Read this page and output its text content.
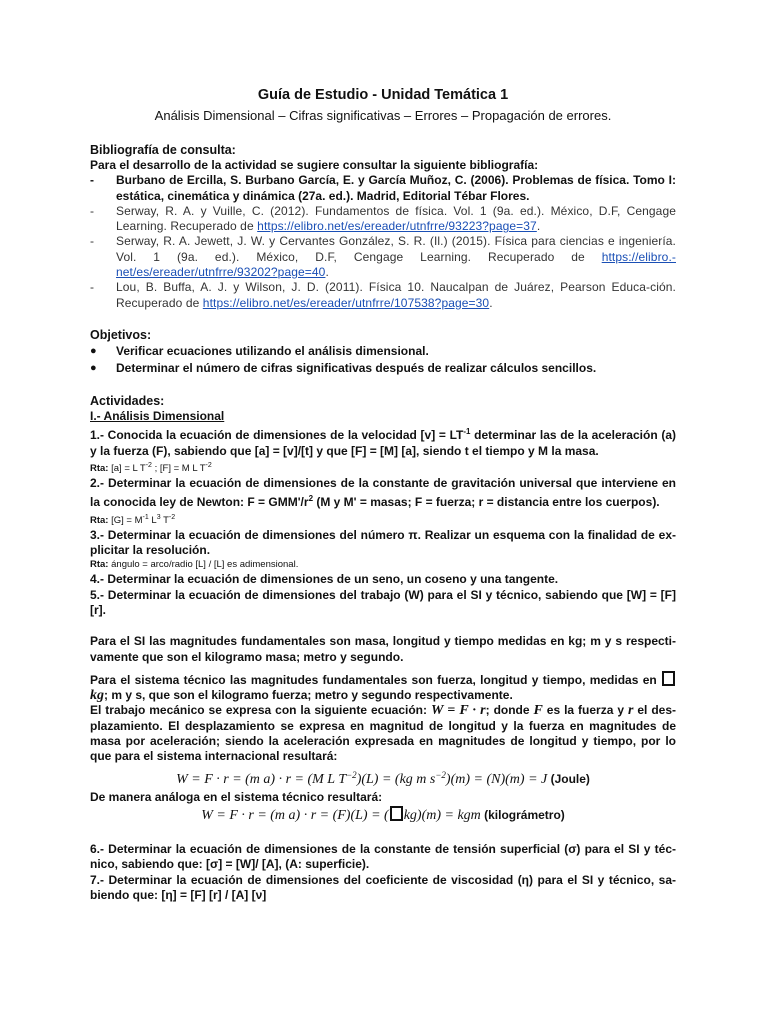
Guía de Estudio - Unidad Temática 1

Análisis Dimensional – Cifras significativas – Errores – Propagación de errores.

Bibliografía de consulta:

Para el desarrollo de la actividad se sugiere consultar la siguiente bibliografía:

- Burbano de Ercilla, S. Burbano García, E. y García Muñoz, C. (2006). Problemas de física. Tomo I: estática, cinemática y dinámica (27a. ed.). Madrid, Editorial Tébar Flores.
- Serway, R. A. y Vuille, C. (2012). Fundamentos de física. Vol. 1 (9a. ed.). México, D.F, Cengage Learning. Recuperado de https://elibro.net/es/ereader/utnfrre/93223?page=37.
- Serway, R. A. Jewett, J. W. y Cervantes González, S. R. (Il.) (2015). Física para ciencias e ingeniería. Vol. 1 (9a. ed.). México, D.F, Cengage Learning. Recuperado de https://elibro.-net/es/ereader/utnfrre/93202?page=40.
- Lou, B. Buffa, A. J. y Wilson, J. D. (2011). Física 10. Naucalpan de Juárez, Pearson Educa-ción. Recuperado de https://elibro.net/es/ereader/utnfrre/107538?page=30.

Objetivos:

● Verificar ecuaciones utilizando el análisis dimensional.
● Determinar el número de cifras significativas después de realizar cálculos sencillos.

Actividades:

I.- Análisis Dimensional

1.- Conocida la ecuación de dimensiones de la velocidad $[v] = LT^{-1}$ determinar las de la aceleración (a) y la fuerza (F), sabiendo que [a] = [v]/[t] y que [F] = [M] [a], siendo t el tiempo y M la masa.

Rta: [a] = L $T^{-2}$ ; [F] = M L $T^{-2}$

2.- Determinar la ecuación de dimensiones de la constante de gravitación universal que interviene en la conocida ley de Newton: $F = GMM'/r^2$ (M y M' = masas; F = fuerza; r = distancia entre los cuerpos).

Rta: $[G] = M^{-1}$ $L^3$ $T^{-2}$

3.- Determinar la ecuación de dimensiones del número π. Realizar un esquema con la finalidad de ex-plicitar la resolución.

Rta: ángulo = arco/radio [L] / [L] es adimensional.

4.- Determinar la ecuación de dimensiones de un seno, un coseno y una tangente.

5.- Determinar la ecuación de dimensiones del trabajo (W) para el SI y técnico, sabiendo que [W] = [F] [r].

Para el SI las magnitudes fundamentales son masa, longitud y tiempo medidas en kg; m y s respecti-vamente que son el kilogramo masa; metro y segundo.

Para el sistema técnico las magnitudes fundamentales son fuerza, longitud y tiempo, medidas en kg; m y s, que son el kilogramo fuerza; metro y segundo respectivamente.

El trabajo mecánico se expresa con la siguiente ecuación: W = F · r; donde F es la fuerza y r el des-plazamiento. El desplazamiento se expresa en magnitud de longitud y la fuerza en magnitudes de masa por aceleración; siendo la aceleración expresada en magnitudes de longitud y tiempo, por lo que para el sistema internacional resultará:

W = F · r = (m a) · r = (M L $T^{-2})(L) = (kg$ m $s^{-2})(m) = (N)(m) = J$ (Joule)

De manera análoga en el sistema técnico resultará:

W = F · r = (m a) · r = (F)(L) = ( kg)(m) = kgm (kilográmetro)

6.- Determinar la ecuación de dimensiones de la constante de tensión superficial (σ) para el SI y téc-nico, sabiendo que: [σ] = [W]/ [A], (A: superficie).

7.- Determinar la ecuación de dimensiones del coeficiente de viscosidad (η) para el SI y técnico, sa-biendo que: [η] = [F] [r] / [A] [ν]
